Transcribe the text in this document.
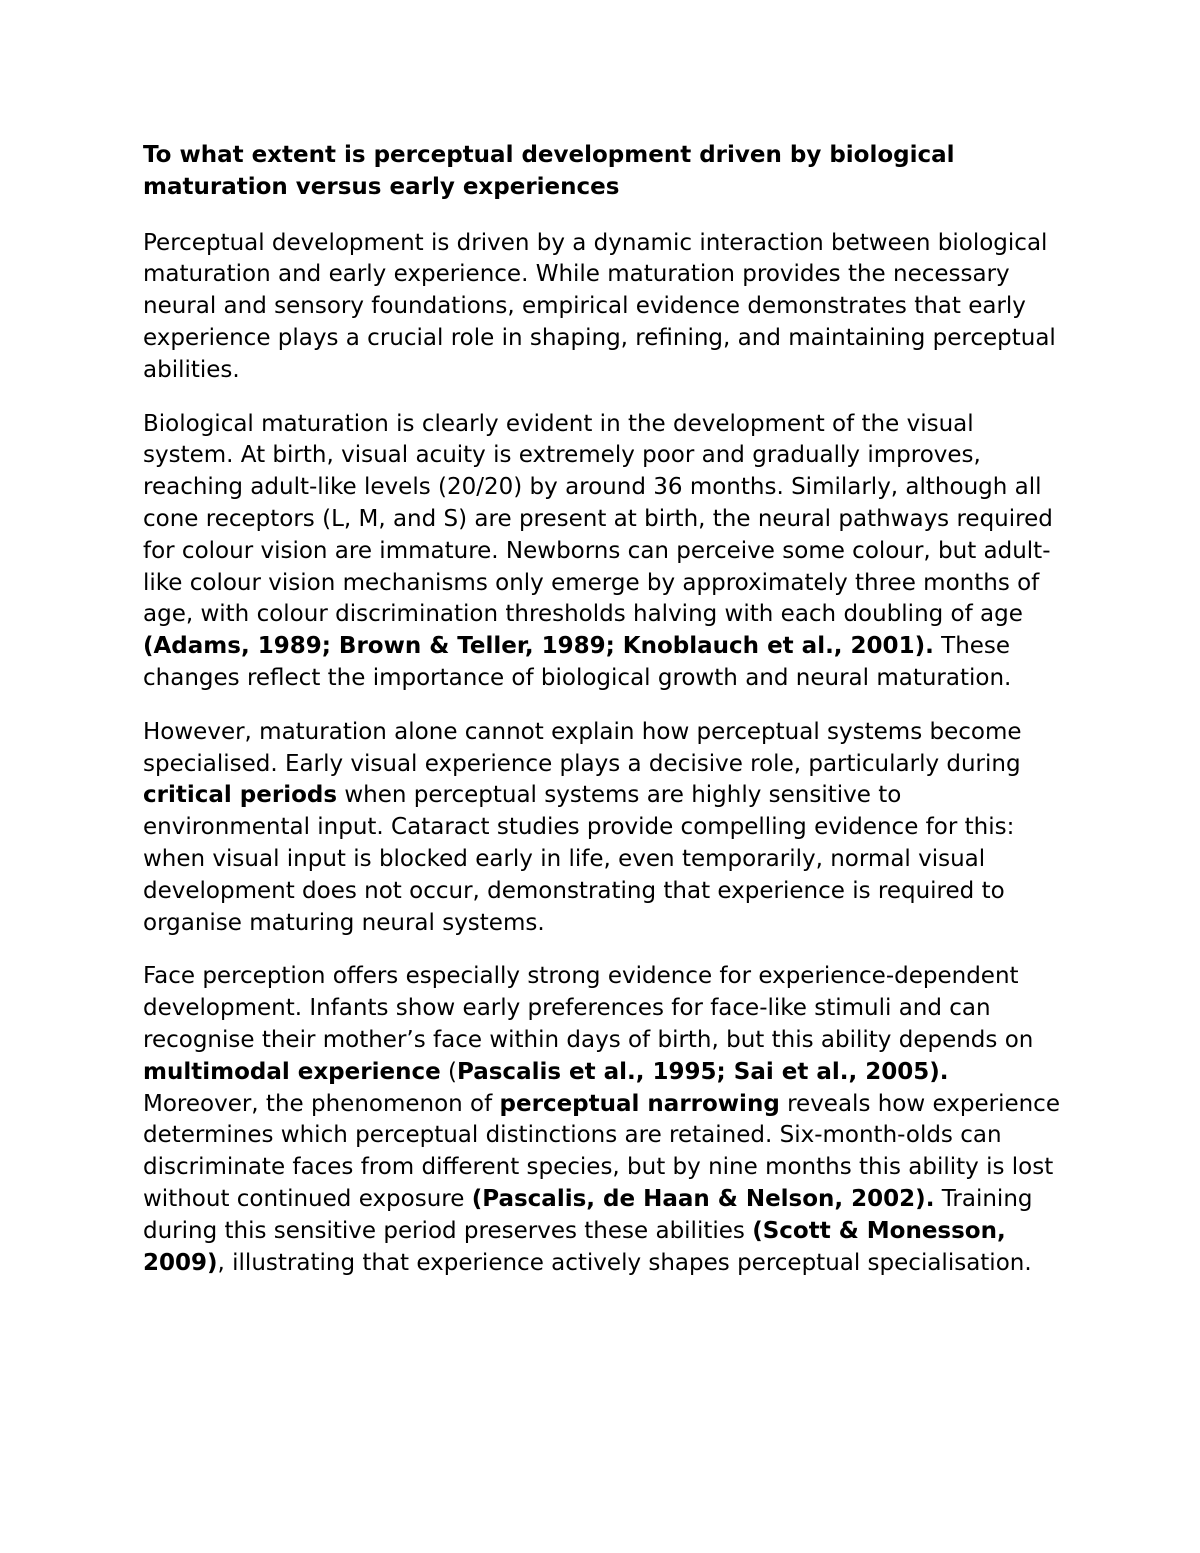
To what extent is perceptual development driven by biological maturation versus early experiences

Perceptual development is driven by a dynamic interaction between biological maturation and early experience. While maturation provides the necessary neural and sensory foundations, empirical evidence demonstrates that early experience plays a crucial role in shaping, refining, and maintaining perceptual abilities.

Biological maturation is clearly evident in the development of the visual system. At birth, visual acuity is extremely poor and gradually improves, reaching adult-like levels (20/20) by around 36 months. Similarly, although all cone receptors (L, M, and S) are present at birth, the neural pathways required for colour vision are immature. Newborns can perceive some colour, but adult-like colour vision mechanisms only emerge by approximately three months of age, with colour discrimination thresholds halving with each doubling of age (Adams, 1989; Brown & Teller, 1989; Knoblauch et al., 2001). These changes reflect the importance of biological growth and neural maturation.

However, maturation alone cannot explain how perceptual systems become specialised. Early visual experience plays a decisive role, particularly during critical periods when perceptual systems are highly sensitive to environmental input. Cataract studies provide compelling evidence for this: when visual input is blocked early in life, even temporarily, normal visual development does not occur, demonstrating that experience is required to organise maturing neural systems.

Face perception offers especially strong evidence for experience-dependent development. Infants show early preferences for face-like stimuli and can recognise their mother’s face within days of birth, but this ability depends on multimodal experience (Pascalis et al., 1995; Sai et al., 2005). Moreover, the phenomenon of perceptual narrowing reveals how experience determines which perceptual distinctions are retained. Six-month-olds can discriminate faces from different species, but by nine months this ability is lost without continued exposure (Pascalis, de Haan & Nelson, 2002). Training during this sensitive period preserves these abilities (Scott & Monesson, 2009), illustrating that experience actively shapes perceptual specialisation.
